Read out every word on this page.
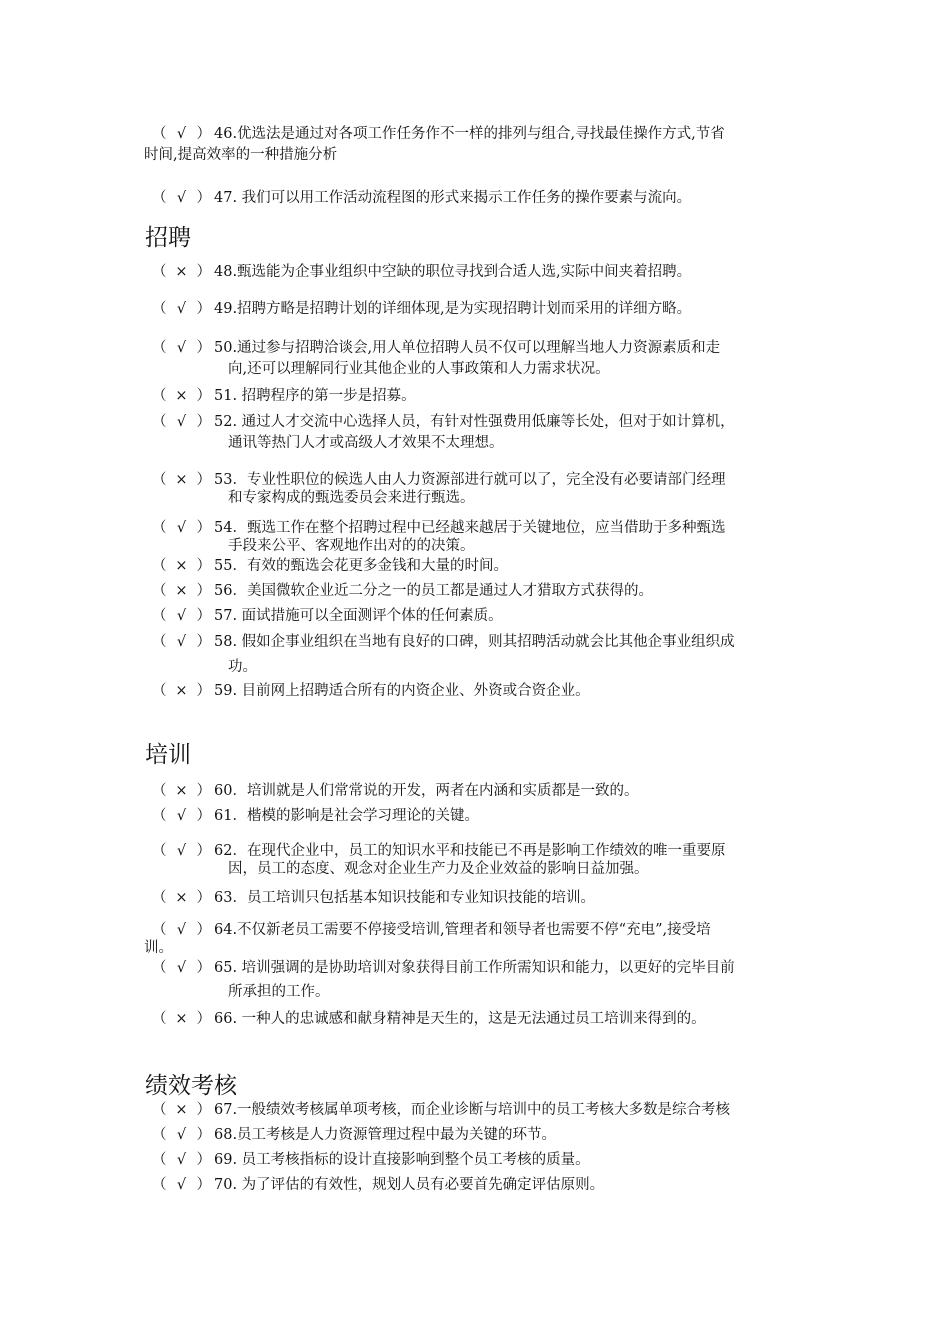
招聘
培训
绩效考核
（ √ ） 46.优选法是通过对各项工作任务作不一样的排列与组合,寻找最佳操作方式,节省
时间,提高效率的一种措施分析
（ √ ） 47. 我们可以用工作活动流程图的形式来揭示工作任务的操作要素与流向。
（ × ） 48.甄选能为企事业组织中空缺的职位寻找到合适人选,实际中间夹着招聘。
（ √ ） 49.招聘方略是招聘计划的详细体现,是为实现招聘计划而采用的详细方略。
（ √ ） 50.通过参与招聘洽谈会,用人单位招聘人员不仅可以理解当地人力资源素质和走
向,还可以理解同行业其他企业的人事政策和人力需求状况。
（ × ） 51. 招聘程序的第一步是招募。
（ √ ） 52. 通过人才交流中心选择人员，有针对性强费用低廉等长处，但对于如计算机，
通讯等热门人才或高级人才效果不太理想。
（ × ） 53．专业性职位的候选人由人力资源部进行就可以了，完全没有必要请部门经理
和专家构成的甄选委员会来进行甄选。
（ √ ） 54．甄选工作在整个招聘过程中已经越来越居于关键地位，应当借助于多种甄选
手段来公平、客观地作出对的的决策。
（ × ） 55．有效的甄选会花更多金钱和大量的时间。
（ × ） 56．美国微软企业近二分之一的员工都是通过人才猎取方式获得的。
（ √ ） 57. 面试措施可以全面测评个体的任何素质。
（ √ ） 58. 假如企事业组织在当地有良好的口碑，则其招聘活动就会比其他企事业组织成
功。
（ × ） 59. 目前网上招聘适合所有的内资企业、外资或合资企业。
（ × ） 60．培训就是人们常常说的开发，两者在内涵和实质都是一致的。
（ √ ） 61．楷模的影响是社会学习理论的关键。
（ √ ） 62．在现代企业中，员工的知识水平和技能已不再是影响工作绩效的唯一重要原
因，员工的态度、观念对企业生产力及企业效益的影响日益加强。
（ × ） 63．员工培训只包括基本知识技能和专业知识技能的培训。
（ √ ） 64.不仅新老员工需要不停接受培训,管理者和领导者也需要不停“充电”,接受培
训。
（ √ ） 65. 培训强调的是协助培训对象获得目前工作所需知识和能力，以更好的完毕目前
所承担的工作。
（ × ） 66. 一种人的忠诚感和献身精神是天生的，这是无法通过员工培训来得到的。
（ × ） 67.一般绩效考核属单项考核，而企业诊断与培训中的员工考核大多数是综合考核
（ √ ） 68.员工考核是人力资源管理过程中最为关键的环节。
（ √ ） 69. 员工考核指标的设计直接影响到整个员工考核的质量。
（ √ ） 70. 为了评估的有效性，规划人员有必要首先确定评估原则。
